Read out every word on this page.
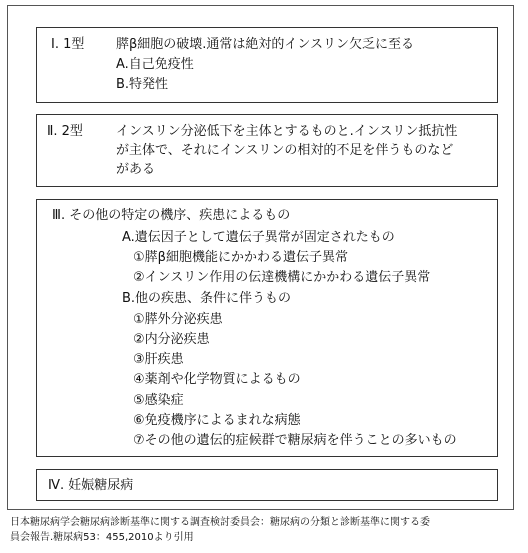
Ⅰ. 1型 膵β細胞の破壊.通常は絶対的インスリン欠乏に至る
A.自己免疫性
B.特発性
Ⅱ. 2型	インスリン分泌低下を主体とするものと.インスリン抵抗性
が主体で、それにインスリンの相対的不足を伴うものなど
がある
Ⅲ. その他の特定の機序、疾患によるもの
A.遺伝因子として遺伝子異常が固定されたもの
①膵β細胞機能にかかわる遺伝子異常
②インスリン作用の伝達機構にかかわる遺伝子異常
B.他の疾患、条件に伴うもの
①膵外分泌疾患
②内分泌疾患
③肝疾患
④薬剤や化学物質によるもの
⑤感染症
⑥免疫機序によるまれな病態
⑦その他の遺伝的症候群で糖尿病を伴うことの多いもの
Ⅳ. 妊娠糖尿病
日本糖尿病学会糖尿病診断基準に関する調査検討委員会：糖尿病の分類と診断基準に関する委
員会報告.糖尿病53：455,2010より引用
